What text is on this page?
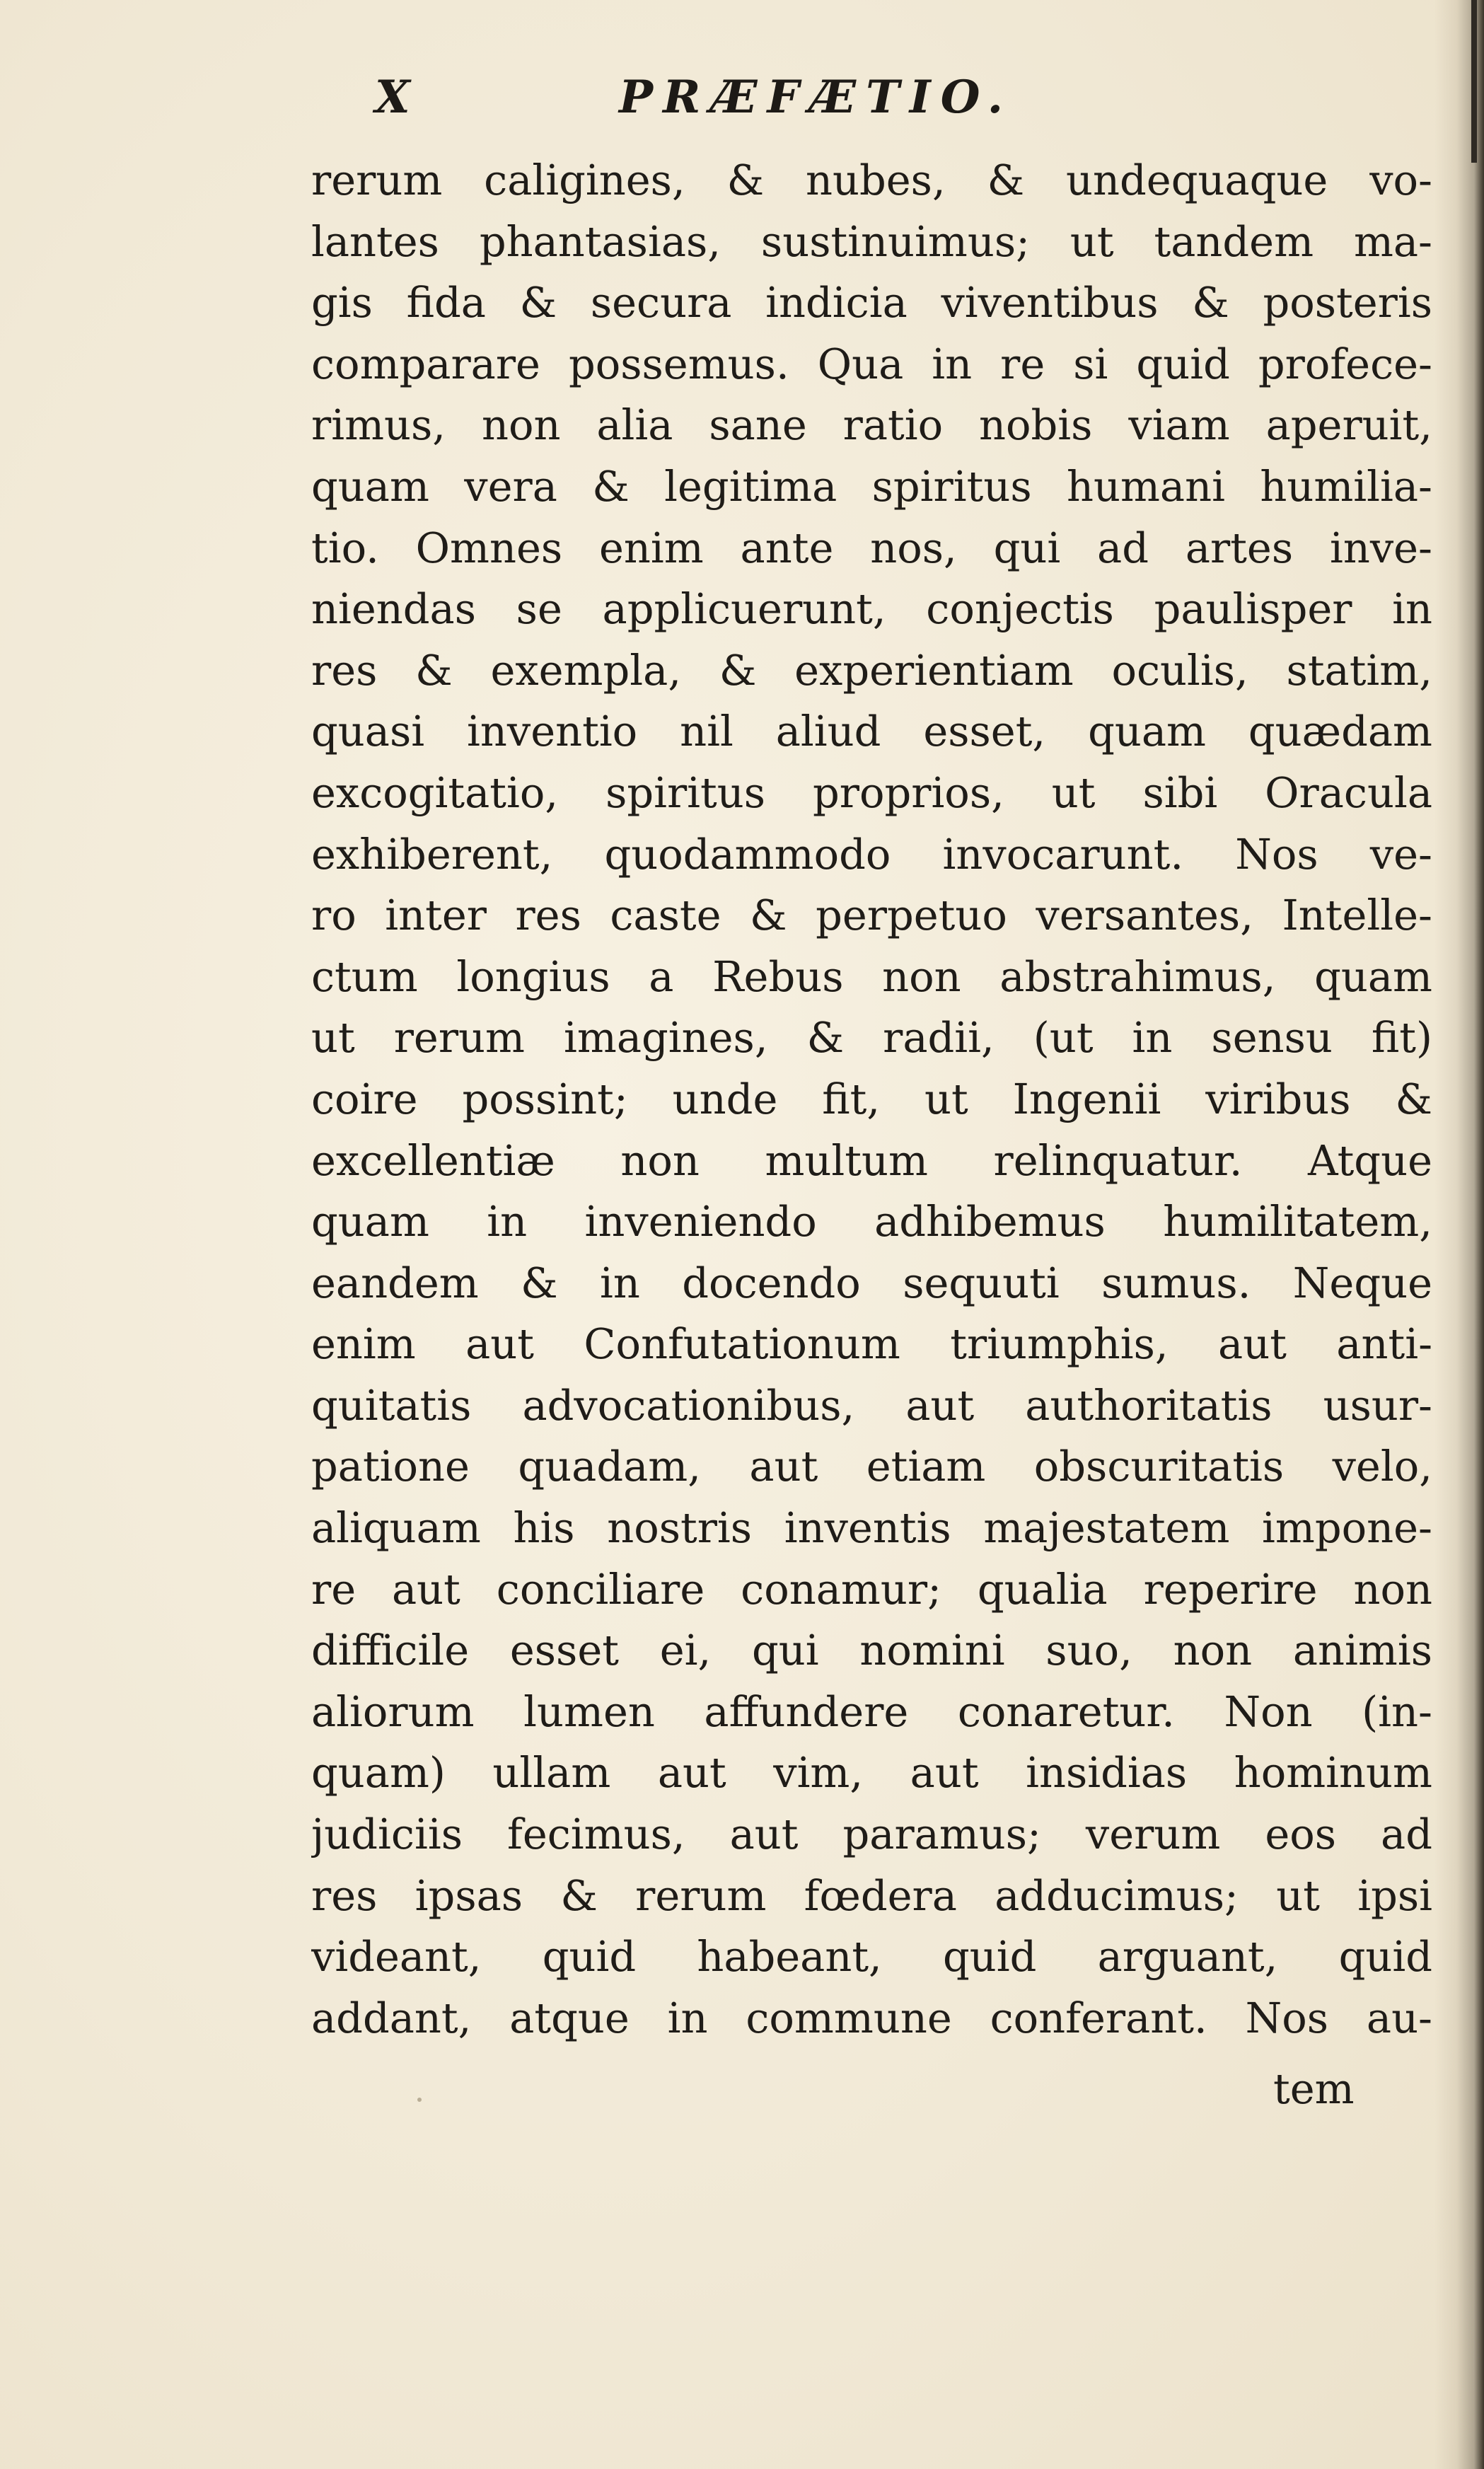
X	PRÆFÆTIO.
rerum caligines, & nubes, & undequaque vo-
lantes phantasias, sustinuimus; ut tandem ma-
gis fida & secura indicia viventibus & posteris
comparare possemus. Qua in re si quid profece-
rimus, non alia sane ratio nobis viam aperuit,
quam vera & legitima spiritus humani humilia-
tio. Omnes enim ante nos, qui ad artes inve-
niendas se applicuerunt, conjectis paulisper in
res & exempla, & experientiam oculis, statim,
quasi inventio nil aliud esset, quam quædam
excogitatio, spiritus proprios, ut sibi Oracula
exhiberent, quodammodo invocarunt. Nos ve-
ro inter res caste & perpetuo versantes, Intelle-
ctum longius a Rebus non abstrahimus, quam
ut rerum imagines, & radii, (ut in sensu fit)
coire possint; unde fit, ut Ingenii viribus &
excellentiæ non multum relinquatur. Atque
quam in inveniendo adhibemus humilitatem,
eandem & in docendo sequuti sumus. Neque
enim aut Confutationum triumphis, aut anti-
quitatis advocationibus, aut authoritatis usur-
patione quadam, aut etiam obscuritatis velo,
aliquam his nostris inventis majestatem impone-
re aut conciliare conamur; qualia reperire non
difficile esset ei, qui nomini suo, non animis
aliorum lumen affundere conaretur. Non (in-
quam) ullam aut vim, aut insidias hominum
judiciis fecimus, aut paramus; verum eos ad
res ipsas & rerum fœdera adducimus; ut ipsi
videant, quid habeant, quid arguant, quid
addant, atque in commune conferant. Nos au-
tem
